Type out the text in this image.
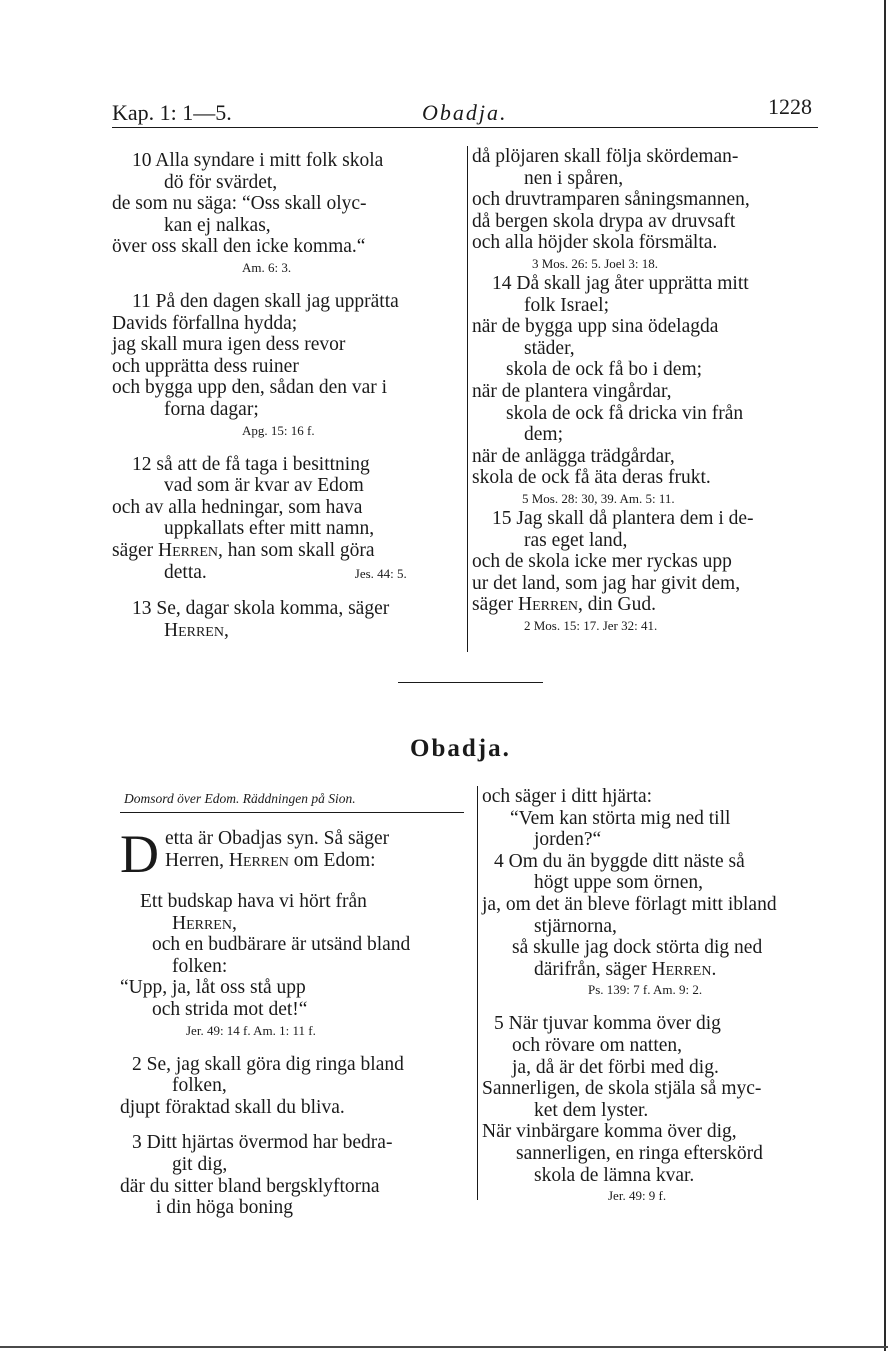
Kap. 1: 1—5.	Obadja.	1228

10 Alla syndare i mitt folk skola

dö för svärdet,

de som nu säga: “Oss skall olyc-

kan ej nalkas,

över oss skall den icke komma.“

Am. 6: 3.

11 På den dagen skall jag upprätta

Davids förfallna hydda;

jag skall mura igen dess revor

och upprätta dess ruiner

och bygga upp den, sådan den var i

forna dagar;

Apg. 15: 16 f.

12 så att de få taga i besittning

vad som är kvar av Edom

och av alla hedningar, som hava

uppkallats efter mitt namn,

säger Herren, han som skall göra

detta.	Jes. 44: 5.

13 Se, dagar skola komma, säger

Herren,

då plöjaren skall följa skördeman-

nen i spåren,

och druvtramparen såningsmannen,

då bergen skola drypa av druvsaft

och alla höjder skola försmälta.

3 Mos. 26: 5. Joel 3: 18.

14 Då skall jag åter upprätta mitt

folk Israel;

när de bygga upp sina ödelagda

städer,

skola de ock få bo i dem;

när de plantera vingårdar,

skola de ock få dricka vin från

dem;

när de anlägga trädgårdar,

skola de ock få äta deras frukt.

5 Mos. 28: 30, 39. Am. 5: 11.

15 Jag skall då plantera dem i de-

ras eget land,

och de skola icke mer ryckas upp

ur det land, som jag har givit dem,

säger Herren, din Gud.

2 Mos. 15: 17. Jer 32: 41.

Obadja.
Domsord över Edom. Räddningen på Sion.
D etta är Obadjas syn. Så säger

Herren, Herren om Edom:

Ett budskap hava vi hört från

Herren,

och en budbärare är utsänd bland

folken:

“Upp, ja, låt oss stå upp

och strida mot det!“

Jer. 49: 14 f. Am. 1: 11 f.

2 Se, jag skall göra dig ringa bland

folken,

djupt föraktad skall du bliva.

3 Ditt hjärtas övermod har bedra-

git dig,

där du sitter bland bergsklyftorna

i din höga boning

och säger i ditt hjärta:

“Vem kan störta mig ned till

jorden?“

4 Om du än byggde ditt näste så

högt uppe som örnen,

ja, om det än bleve förlagt mitt ibland

stjärnorna,

så skulle jag dock störta dig ned

därifrån, säger Herren.

Ps. 139: 7 f. Am. 9: 2.

5 När tjuvar komma över dig

och rövare om natten,

ja, då är det förbi med dig.

Sannerligen, de skola stjäla så myc-

ket dem lyster.

När vinbärgare komma över dig,

sannerligen, en ringa efterskörd

skola de lämna kvar.

Jer. 49: 9 f.
